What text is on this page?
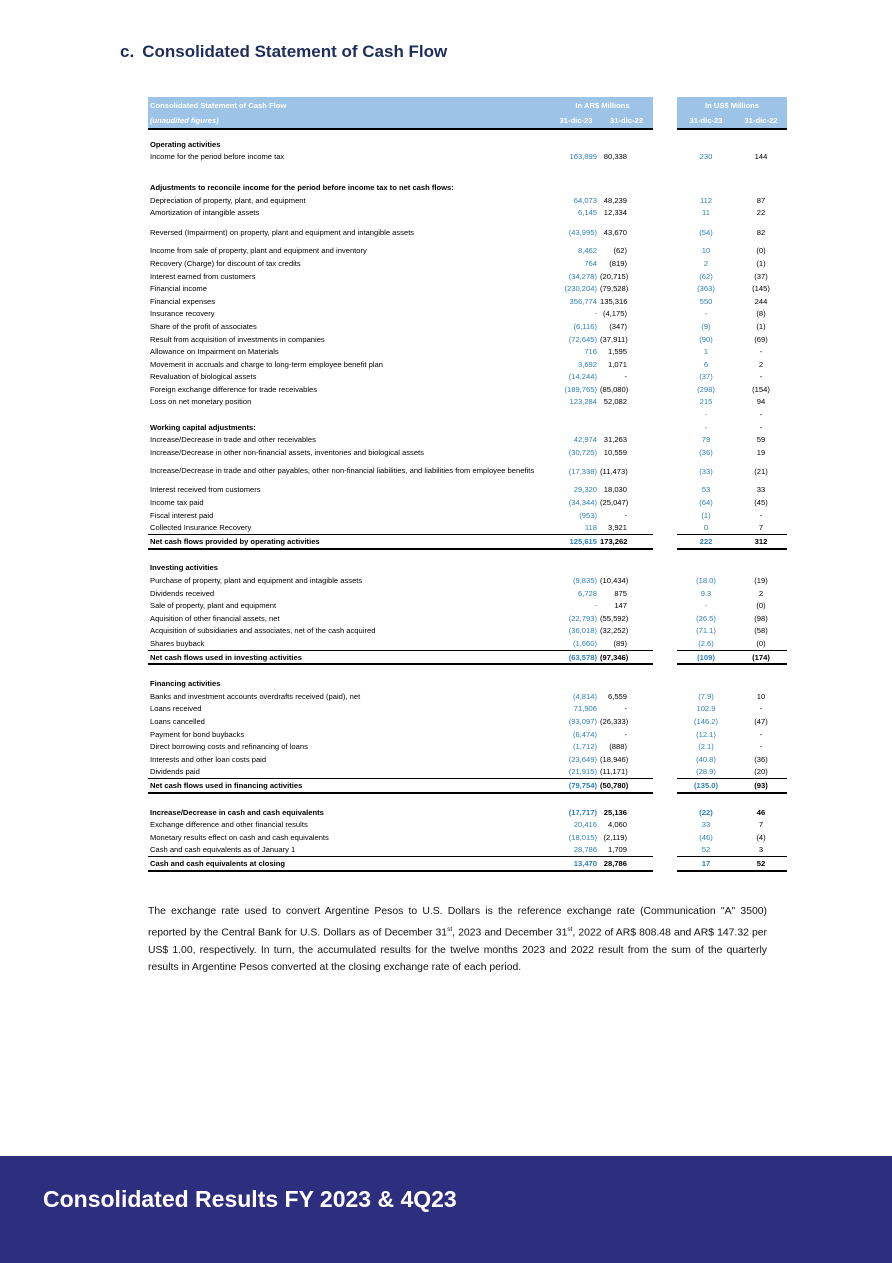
c. Consolidated Statement of Cash Flow
Consolidated Statement of Cash Flow	In AR$ Millions			In US$ Millions	
(unaudited figures)	31-dic-23	31-dic-22		31-dic-23	31-dic-22

Operating activities					
Income for the period before income tax	163,899	80,338		230	144

Adjustments to reconcile income for the period before income tax to net cash flows:					
Depreciation of property, plant, and equipment	64,073	48,239		112	87
Amortization of intangible assets	6,145	12,334		11	22

Reversed (Impairment) on property, plant and equipment and intangible assets	(43,995)	43,670		(54)	82

Income from sale of property, plant and equipment and inventory	8,462	(62)		10	(0)
Recovery (Charge) for discount of tax credits	764	(819)		2	(1)
Interest earned from customers	(34,278)	(20,715)		(62)	(37)
Financial income	(230,204)	(79,528)		(363)	(145)
Financial expenses	356,774	135,316		550	244
Insurance recovery	-	(4,175)		-	(8)
Share of the profit of associates	(6,116)	(347)		(9)	(1)
Result from acquisition of investments in companies	(72,645)	(37,911)		(90)	(69)
Allowance on Impairment on Materials	716	1,595		1	-
Movement in accruals and charge to long-term employee benefit plan	3,692	1,071		6	2
Revaluation of biological assets	(14,244)	-		(37)	-
Foreign exchange difference for trade receivables	(189,765)	(85,080)		(298)	(154)
Loss on net monetary position	123,284	52,082		215	94
				-	-
Working capital adjustments:				-	-
Increase/Decrease in trade and other receivables	42,974	31,263		79	59
Increase/Decrease in other non-financial assets, inventories and biological assets	(30,725)	10,559		(36)	19
Increase/Decrease in trade and other payables, other non-financial liabilities, and liabilities from employee benefits	(17,338)	(11,473)		(33)	(21)
Interest received from customers	29,320	18,030		53	33
Income tax paid	(34,344)	(25,047)		(64)	(45)
Fiscal interest paid	(953)	-		(1)	-
Collected Insurance Recovery	118	3,921		0	7
Net cash flows provided by operating activities	125,615	173,262		222	312

Investing activities					
Purchase of property, plant and equipment and intagible assets	(9,835)	(10,434)		(18.0)	(19)
Dividends received	6,728	875		9.3	2
Sale of property, plant and equipment	-	147		-	(0)
Aquisition of other financial assets, net	(22,793)	(55,592)		(26.5)	(98)
Acquisition of subsidiaries and associates, net of the cash acquired	(36,018)	(32,252)		(71.1)	(58)
Shares buyback	(1,660)	(89)		(2.6)	(0)
Net cash flows used in investing activities	(63,578)	(97,346)		(109)	(174)

Financing activities					
Banks and investment accounts overdrafts received (paid), net	(4,814)	6,559		(7.9)	10
Loans received	71,906	-		102.9	-
Loans cancelled	(93,097)	(26,333)		(146.2)	(47)
Payment for bond buybacks	(6,474)	-		(12.1)	-
Direct borrowing costs and refinancing of loans	(1,712)	(888)		(2.1)	-
Interests and other loan costs paid	(23,649)	(18,946)		(40.8)	(36)
Dividends paid	(21,915)	(11,171)		(28.9)	(20)
Net cash flows used in financing activities	(79,754)	(50,780)		(135.0)	(93)

Increase/Decrease in cash and cash equivalents	(17,717)	25,136		(22)	46
Exchange difference and other financial results	20,416	4,060		33	7
Monetary results effect on cash and cash equivalents	(18,015)	(2,119)		(46)	(4)
Cash and cash equivalents as of January 1	28,786	1,709		52	3
Cash and cash equivalents at closing	13,470	28,786		17	52
The exchange rate used to convert Argentine Pesos to U.S. Dollars is the reference exchange rate (Communication "A" 3500) reported by the Central Bank for U.S. Dollars as of December 31st, 2023 and December 31st, 2022 of AR$ 808.48 and AR$ 147.32 per US$ 1.00, respectively. In turn, the accumulated results for the twelve months 2023 and 2022 result from the sum of the quarterly results in Argentine Pesos converted at the closing exchange rate of each period.
Consolidated Results FY 2023 & 4Q23
